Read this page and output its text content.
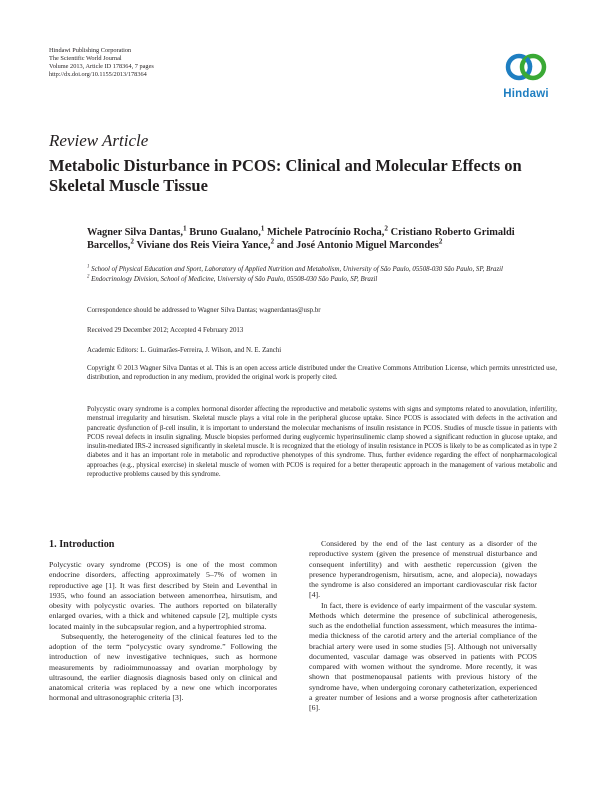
Hindawi Publishing Corporation
The Scientific World Journal
Volume 2013, Article ID 178364, 7 pages
http://dx.doi.org/10.1155/2013/178364
Hindawi
Review Article
Metabolic Disturbance in PCOS: Clinical and Molecular Effects on Skeletal Muscle Tissue
Wagner Silva Dantas,$^1$ Bruno Gualano,$^1$ Michele Patrocínio Rocha,$^2$ Cristiano Roberto Grimaldi Barcellos,$^2$ Viviane dos Reis Vieira Yance,$^2$ and José Antonio Miguel Marcondes$^2$
$^1$ School of Physical Education and Sport, Laboratory of Applied Nutrition and Metabolism, University of São Paulo, 05508-030 São Paulo, SP, Brazil
$^2$ Endocrinology Division, School of Medicine, University of São Paulo, 05508-030 São Paulo, SP, Brazil
Correspondence should be addressed to Wagner Silva Dantas; wagnerdantas@usp.br
Received 29 December 2012; Accepted 4 February 2013
Academic Editors: L. Guimarães-Ferreira, J. Wilson, and N. E. Zanchi
Copyright © 2013 Wagner Silva Dantas et al. This is an open access article distributed under the Creative Commons Attribution License, which permits unrestricted use, distribution, and reproduction in any medium, provided the original work is properly cited.
Polycystic ovary syndrome is a complex hormonal disorder affecting the reproductive and metabolic systems with signs and symptoms related to anovulation, infertility, menstrual irregularity and hirsutism. Skeletal muscle plays a vital role in the peripheral glucose uptake. Since PCOS is associated with defects in the activation and pancreatic dysfunction of β-cell insulin, it is important to understand the molecular mechanisms of insulin resistance in PCOS. Studies of muscle tissue in patients with PCOS reveal defects in insulin signaling. Muscle biopsies performed during euglycemic hyperinsulinemic clamp showed a significant reduction in glucose uptake, and insulin-mediated IRS-2 increased significantly in skeletal muscle. It is recognized that the etiology of insulin resistance in PCOS is likely to be as complicated as in type 2 diabetes and it has an important role in metabolic and reproductive phenotypes of this syndrome. Thus, further evidence regarding the effect of nonpharmacological approaches (e.g., physical exercise) in skeletal muscle of women with PCOS is required for a better therapeutic approach in the management of various metabolic and reproductive problems caused by this syndrome.
1. Introduction

Polycystic ovary syndrome (PCOS) is one of the most common endocrine disorders, affecting approximately 5–7% of women in reproductive age [1]. It was first described by Stein and Leventhal in 1935, who found an association between amenorrhea, hirsutism, and obesity with polycystic ovaries. The authors reported on bilaterally enlarged ovaries, with a thick and whitened capsule [2], multiple cysts located mainly in the subcapsular region, and a hypertrophied stroma.

Subsequently, the heterogeneity of the clinical features led to the adoption of the term “polycystic ovary syndrome.” Following the introduction of new investigative techniques, such as hormone measurements by radioimmunoassay and ovarian morphology by ultrasound, the earlier diagnosis diagnosis based only on clinical and anatomical criteria was replaced by a new one which incorporates hormonal and ultrasonographic criteria [3].

Considered by the end of the last century as a disorder of the reproductive system (given the presence of menstrual disturbance and consequent infertility) and with aesthetic repercussion (given the presence hyperandrogenism, hirsutism, acne, and alopecia), nowadays the syndrome is also considered an important cardiovascular risk factor [4].

In fact, there is evidence of early impairment of the vascular system. Methods which determine the presence of subclinical atherogenesis, such as the endothelial function assessment, which measures the intima-media thickness of the carotid artery and the arterial compliance of the brachial artery were used in some studies [5]. Although not universally documented, vascular damage was observed in patients with PCOS compared with women without the syndrome. More recently, it was shown that postmenopausal patients with previous history of the syndrome have, when undergoing coronary catheterization, experienced a greater number of lesions and a worse prognosis after catheterization [6].
